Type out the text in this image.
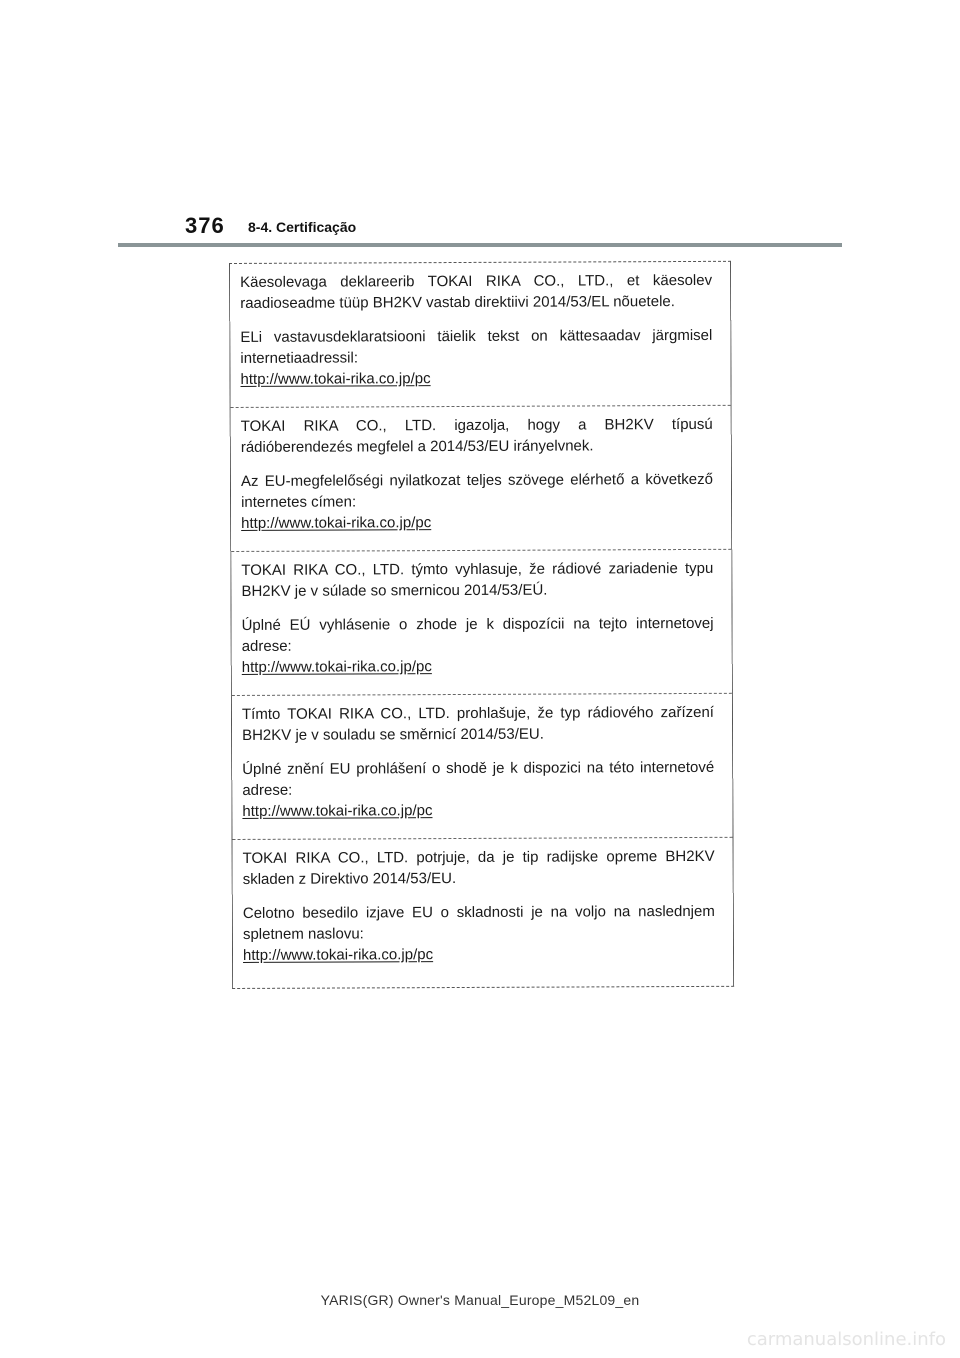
376 8-4. Certificação

Käesolevaga deklareerib TOKAI RIKA CO., LTD., et käesolev raadioseadme tüüp BH2KV vastab direktiivi 2014/53/EL nõuetele.

ELi vastavusdeklaratsiooni täielik tekst on kättesaadav järgmisel internetiaadressil:

http://www.tokai-rika.co.jp/pc

TOKAI RIKA CO., LTD. igazolja, hogy a BH2KV típusú rádióberendezés megfelel a 2014/53/EU irányelvnek.

Az EU-megfelelőségi nyilatkozat teljes szövege elérhető a következő internetes címen:

http://www.tokai-rika.co.jp/pc

TOKAI RIKA CO., LTD. týmto vyhlasuje, že rádiové zariadenie typu BH2KV je v súlade so smernicou 2014/53/EÚ.

Úplné EÚ vyhlásenie o zhode je k dispozícii na tejto internetovej adrese:

http://www.tokai-rika.co.jp/pc

Tímto TOKAI RIKA CO., LTD. prohlašuje, že typ rádiového zařízení BH2KV je v souladu se směrnicí 2014/53/EU.

Úplné znění EU prohlášení o shodě je k dispozici na této internetové adrese:

http://www.tokai-rika.co.jp/pc

TOKAI RIKA CO., LTD. potrjuje, da je tip radijske opreme BH2KV skladen z Direktivo 2014/53/EU.

Celotno besedilo izjave EU o skladnosti je na voljo na naslednjem spletnem naslovu:

http://www.tokai-rika.co.jp/pc
YARIS(GR) Owner's Manual_Europe_M52L09_en
carmanualsonline.info
